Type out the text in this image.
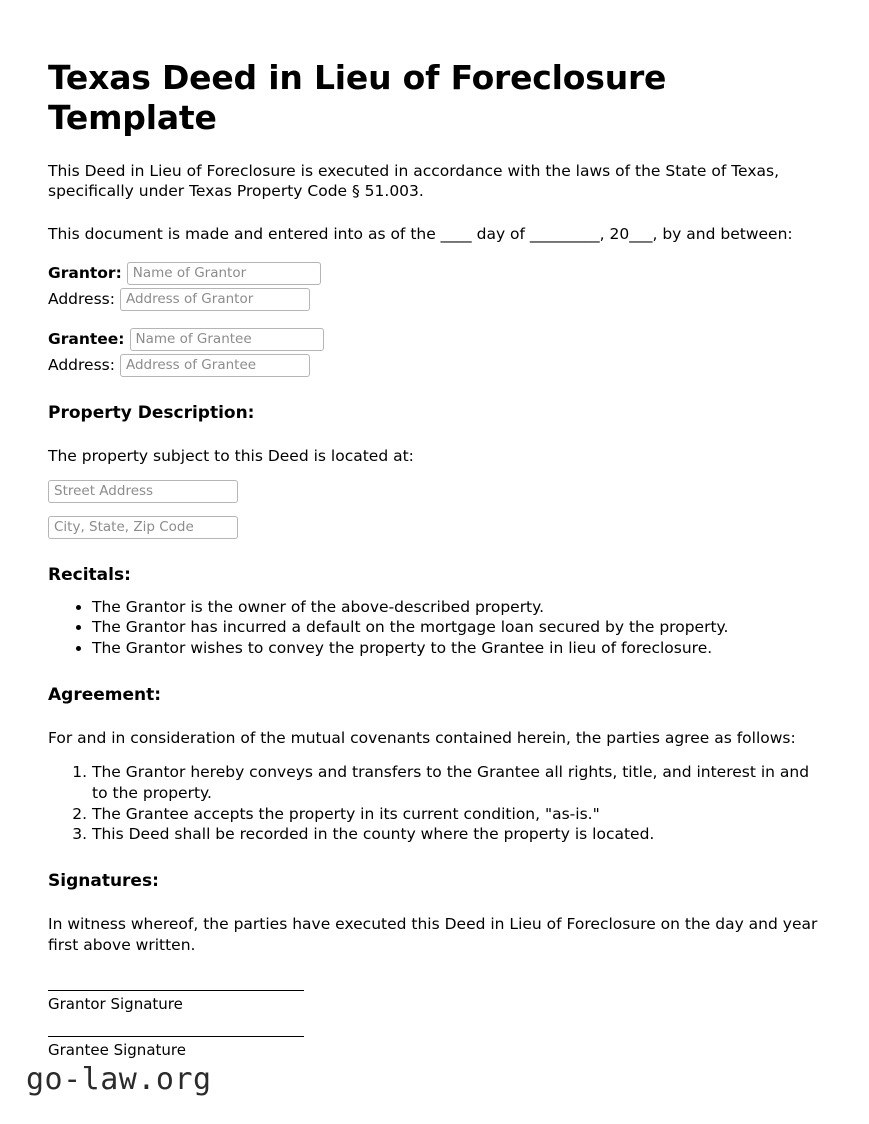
Texas Deed in Lieu of Foreclosure Template

This Deed in Lieu of Foreclosure is executed in accordance with the laws of the State of Texas, specifically under Texas Property Code § 51.003.

This document is made and entered into as of the ____ day of _________, 20___, by and between:

Grantor:
Name of Grantor
Address:
Address of Grantor
Grantee:
Name of Grantee
Address:
Address of Grantee
Property Description:

The property subject to this Deed is located at:

Street Address
City, State, Zip Code
Recitals:
• The Grantor is the owner of the above-described property.
• The Grantor has incurred a default on the mortgage loan secured by the property.
• The Grantor wishes to convey the property to the Grantee in lieu of foreclosure.
Agreement:

For and in consideration of the mutual covenants contained herein, the parties agree as follows:

1. The Grantor hereby conveys and transfers to the Grantee all rights, title, and interest in and to the property.
2. The Grantee accepts the property in its current condition, "as-is."
3. This Deed shall be recorded in the county where the property is located.
Signatures:

In witness whereof, the parties have executed this Deed in Lieu of Foreclosure on the day and year first above written.

Grantor Signature
Grantee Signature
go-law.org
